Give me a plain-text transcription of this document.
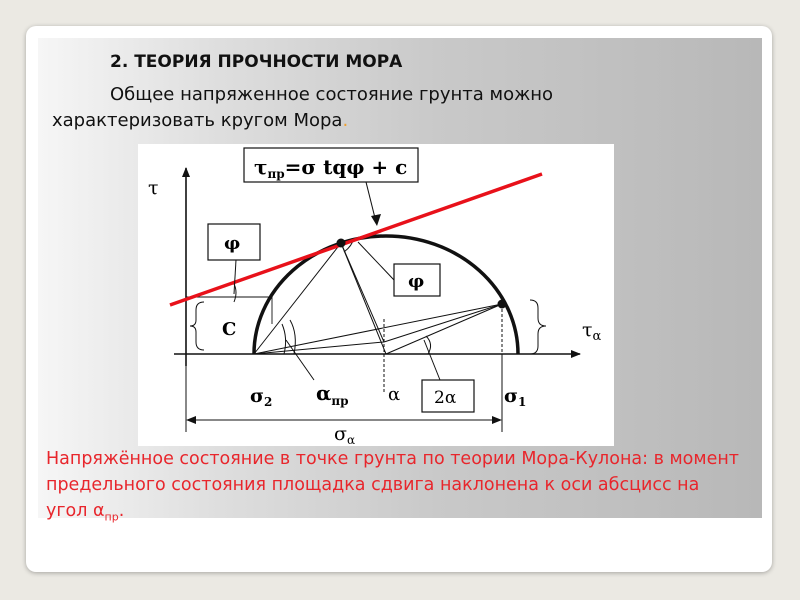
2. ТЕОРИЯ ПРОЧНОСТИ МОРА
Общее напряженное состояние грунта можно
характеризовать кругом Мора.
τ
$\tau_{пр}=\sigma$ tqφ + c
φ
φ
C	$\tau_\alpha$
2α
$\sigma_2$ $\alpha_{пр}$ α	$\sigma_1$
$\sigma_\alpha$
Напряжённое состояние в точке грунта по теории Мора-Кулона: в момент предельного состояния площадка сдвига наклонена к оси абсцисс на угол $\alpha_{пр}$.
